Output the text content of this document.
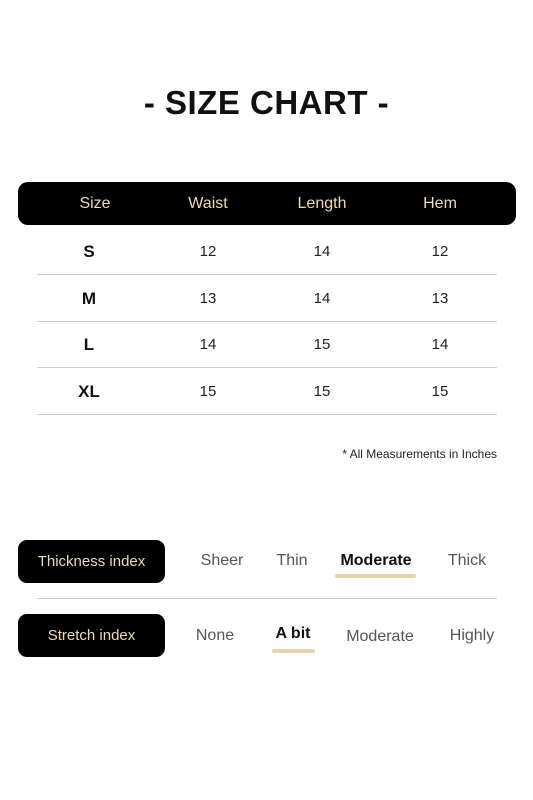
- SIZE CHART -
Size	Waist	Length	Hem
S	12	14	12
M	13	14	13
L	14	15	14
XL	15	15	15
* All Measurements in Inches
Thickness index	Sheer Thin Moderate Thick
Stretch index	None	A bit Moderate Highly
